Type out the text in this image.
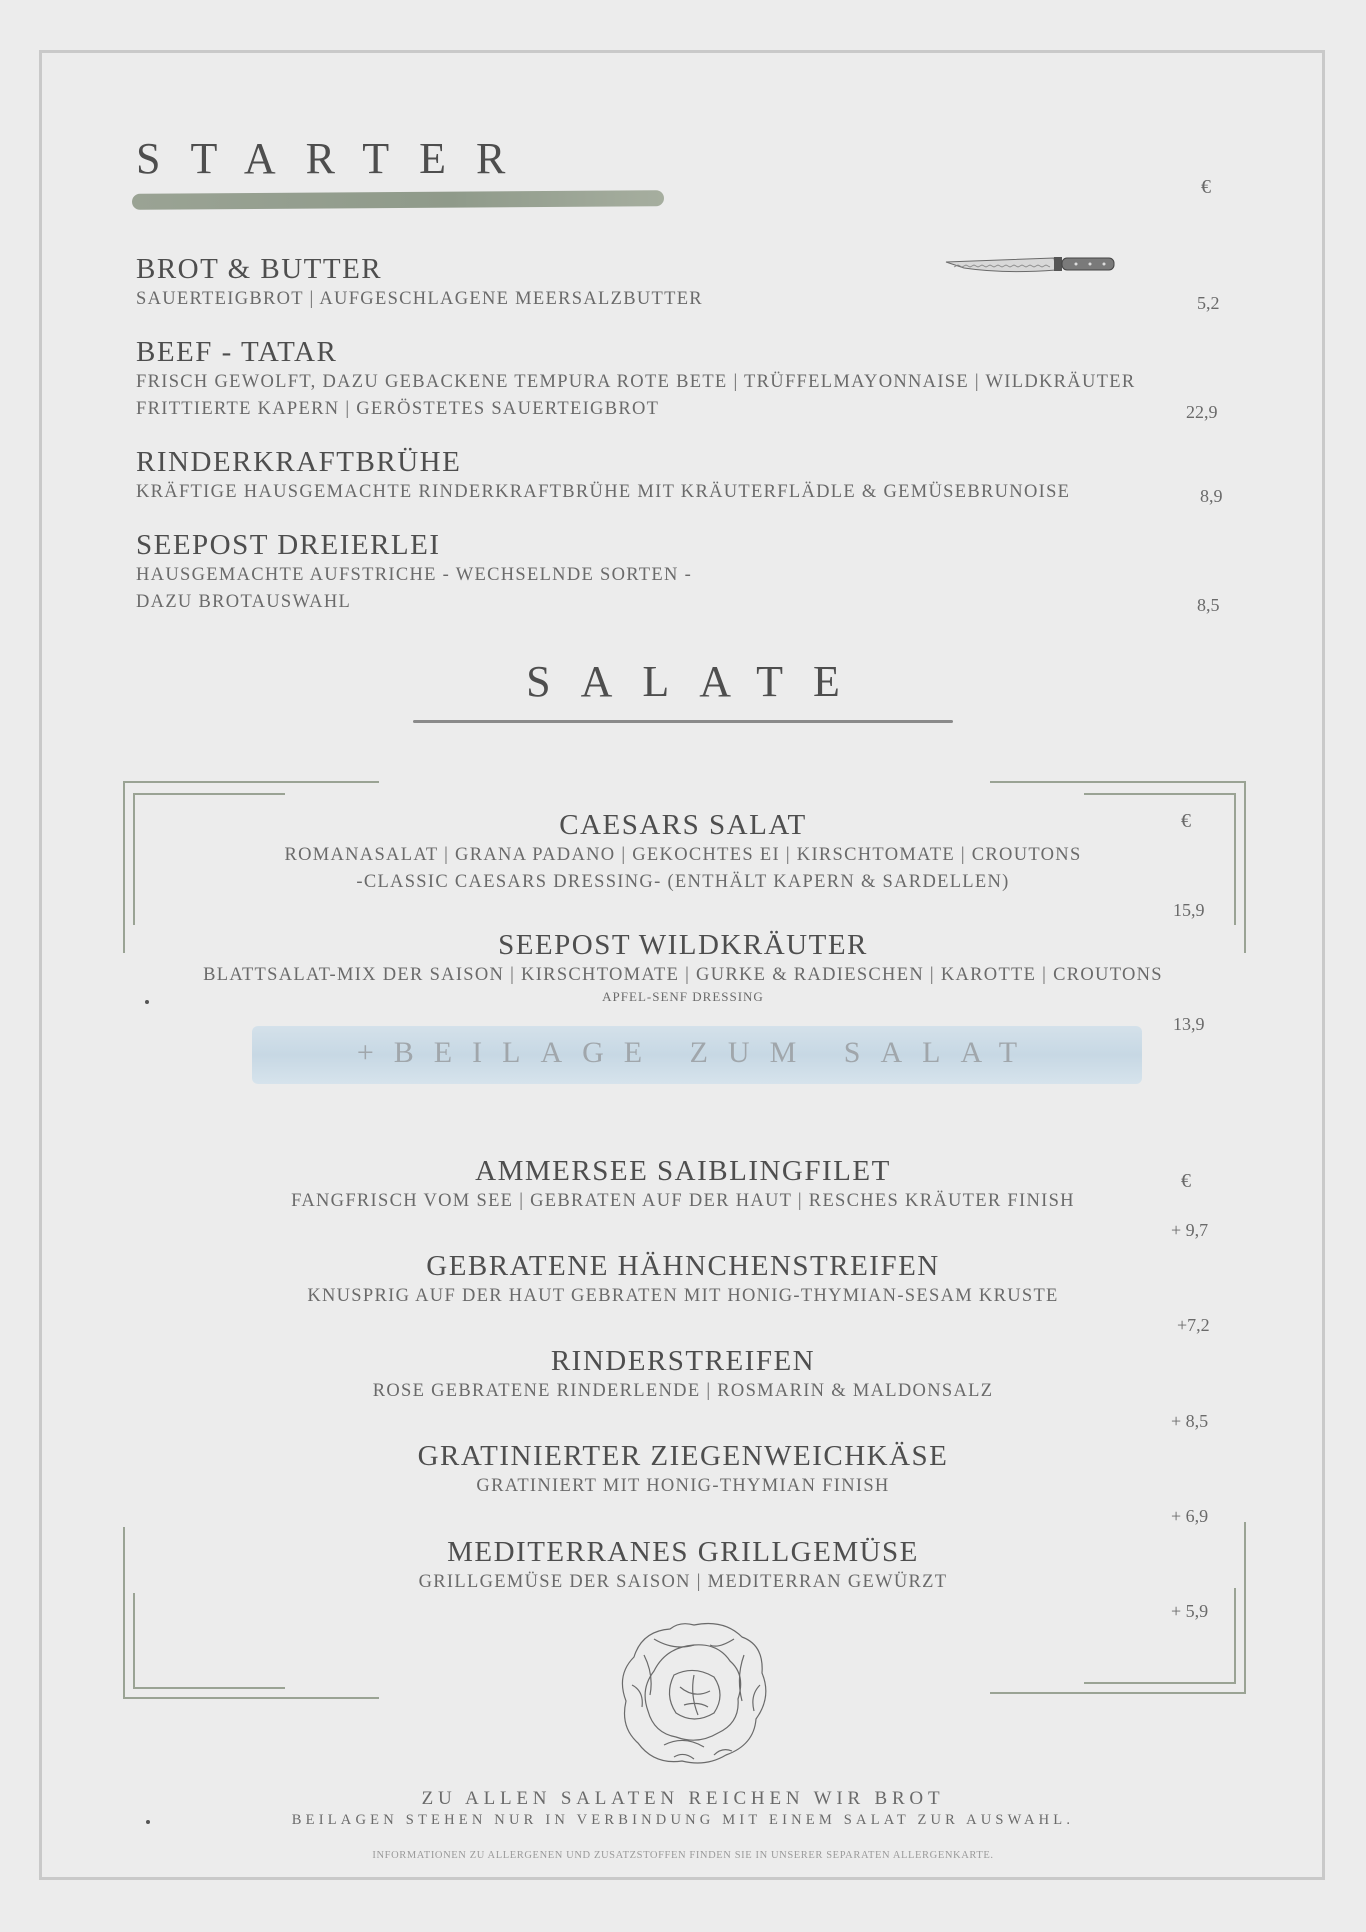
STARTER
€
BROT & BUTTER
SAUERTEIGBROT | AUFGESCHLAGENE MEERSALZBUTTER	5,2
BEEF - TATAR
FRISCH GEWOLFT, DAZU GEBACKENE TEMPURA ROTE BETE | TRÜFFELMAYONNAISE | WILDKRÄUTER
FRITTIERTE KAPERN | GERÖSTETES SAUERTEIGBROT	22,9
RINDERKRAFTBRÜHE
KRÄFTIGE HAUSGEMACHTE RINDERKRAFTBRÜHE MIT KRÄUTERFLÄDLE & GEMÜSEBRUNOISE	8,9
SEEPOST DREIERLEI
HAUSGEMACHTE AUFSTRICHE - WECHSELNDE SORTEN -
DAZU BROTAUSWAHL	8,5
SALATE
€
CAESARS SALAT
ROMANASALAT | GRANA PADANO | GEKOCHTES EI | KIRSCHTOMATE | CROUTONS
-CLASSIC CAESARS DRESSING- (ENTHÄLT KAPERN & SARDELLEN)
15,9
SEEPOST WILDKRÄUTER
BLATTSALAT-MIX DER SAISON | KIRSCHTOMATE | GURKE & RADIESCHEN | KAROTTE | CROUTONS
APFEL-SENF DRESSING
13,9
+BEILAGE ZUM SALAT
€
AMMERSEE SAIBLINGFILET
FANGFRISCH VOM SEE | GEBRATEN AUF DER HAUT | RESCHES KRÄUTER FINISH
+ 9,7
GEBRATENE HÄHNCHENSTREIFEN
KNUSPRIG AUF DER HAUT GEBRATEN MIT HONIG-THYMIAN-SESAM KRUSTE
+7,2
RINDERSTREIFEN
ROSE GEBRATENE RINDERLENDE | ROSMARIN & MALDONSALZ
+ 8,5
GRATINIERTER ZIEGENWEICHKÄSE
GRATINIERT MIT HONIG-THYMIAN FINISH
+ 6,9
MEDITERRANES GRILLGEMÜSE
GRILLGEMÜSE DER SAISON | MEDITERRAN GEWÜRZT
+ 5,9
ZU ALLEN SALATEN REICHEN WIR BROT
BEILAGEN STEHEN NUR IN VERBINDUNG MIT EINEM SALAT ZUR AUSWAHL.
INFORMATIONEN ZU ALLERGENEN UND ZUSATZSTOFFEN FINDEN SIE IN UNSERER SEPARATEN ALLERGENKARTE.
